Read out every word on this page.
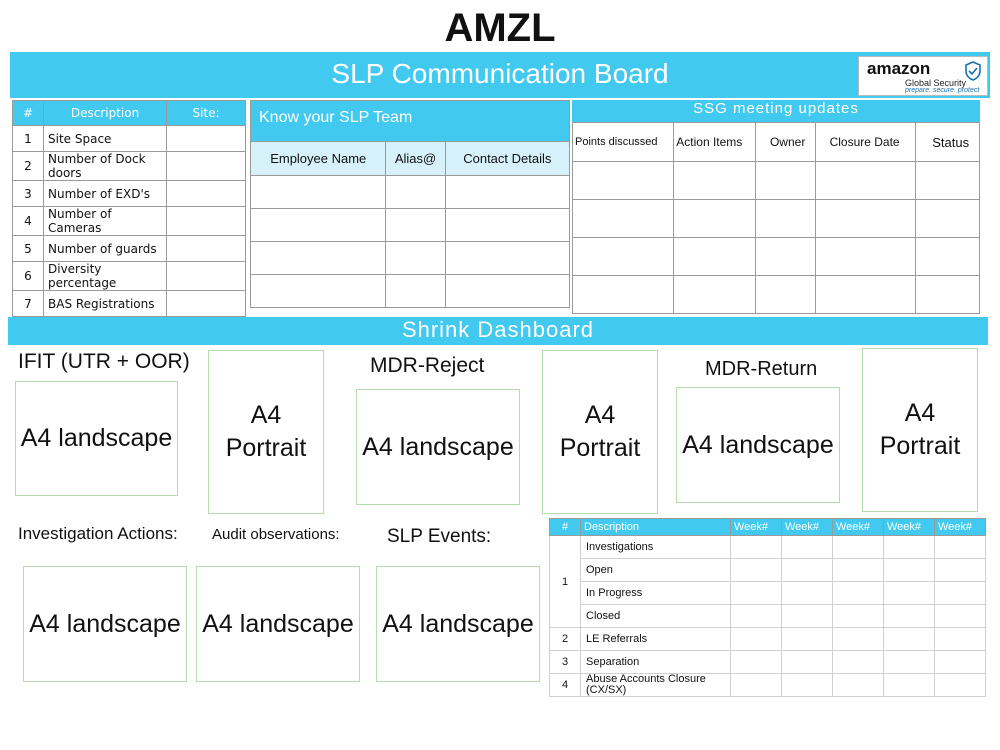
AMZL
SLP Communication Board	amazon
Global Security
prepare. secure. protect
#	Description	Site:
1	Site Space	
2	Number of Dock doors	
3	Number of EXD's	
4	Number of Cameras	
5	Number of guards	
6	Diversity percentage	
7	BAS Registrations	
Know your SLP Team
Employee Name	Alias@	Contact Details

SSG meeting updates
Points discussed	Action Items	Owner	Closure Date	Status

Shrink Dashboard
IFIT (UTR + OOR)	MDR-Reject	MDR-Return
A4 landscape
A4
Portrait A4 landscape
A4
Portrait A4 landscape
A4
Portrait
Investigation Actions: Audit observations: SLP Events:
A4 landscape A4 landscape A4 landscape
#	Description	Week#	Week#	Week#	Week#	Week#
1	Investigations					
	Open					
	In Progress					
	Closed					
2	LE Referrals					
3	Separation					
4	Abuse Accounts Closure (CX/SX)					
